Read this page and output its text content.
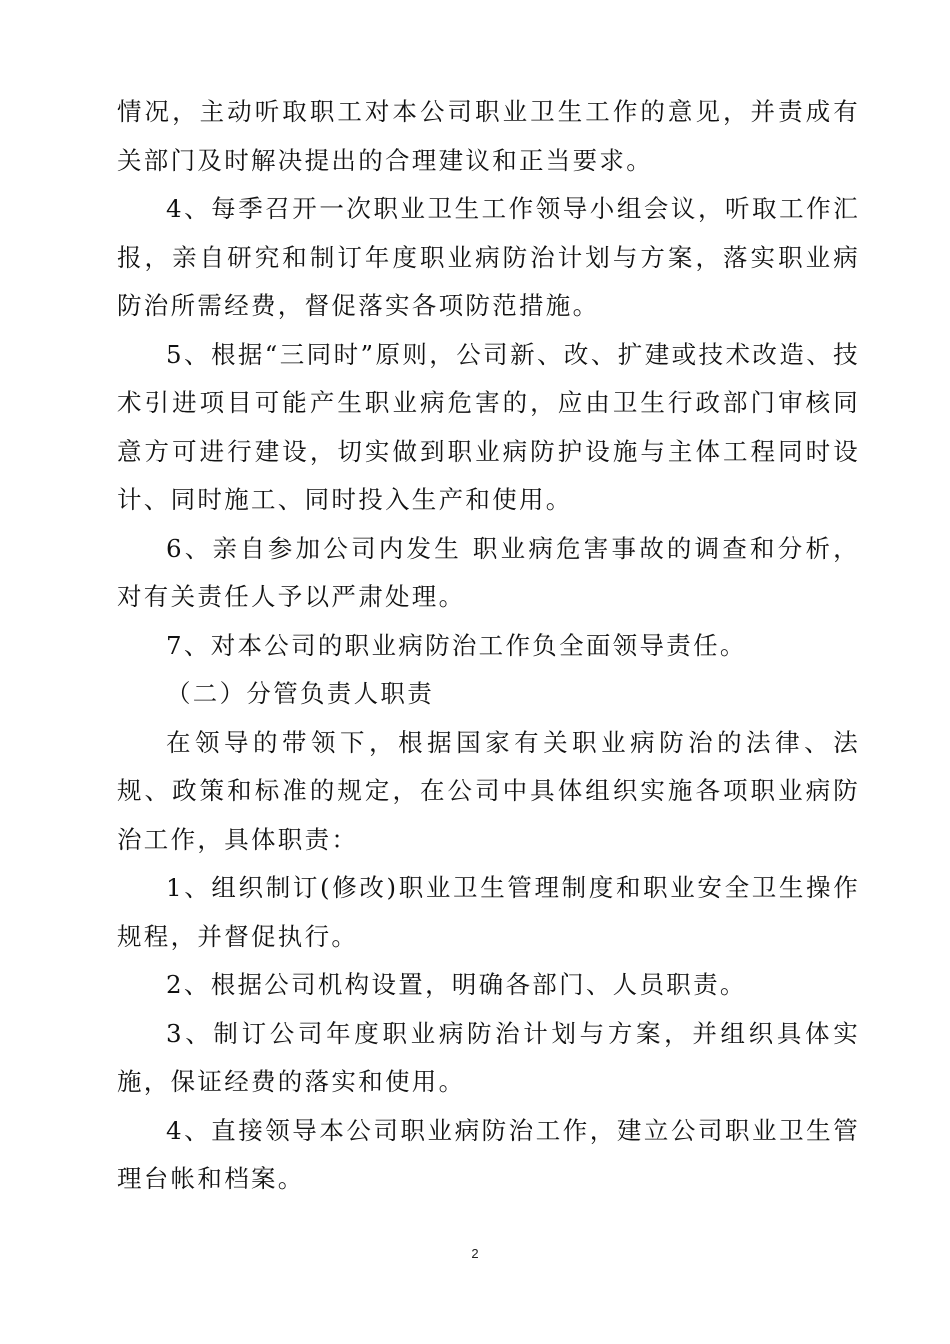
情况，主动听取职工对本公司职业卫生工作的意见，并责成有关部门及时解决提出的合理建议和正当要求。

4、每季召开一次职业卫生工作领导小组会议，听取工作汇报，亲自研究和制订年度职业病防治计划与方案，落实职业病防治所需经费，督促落实各项防范措施。

5、根据“三同时”原则，公司新、改、扩建或技术改造、技术引进项目可能产生职业病危害的，应由卫生行政部门审核同意方可进行建设，切实做到职业病防护设施与主体工程同时设计、同时施工、同时投入生产和使用。

6、亲自参加公司内发生 职业病危害事故的调查和分析，对有关责任人予以严肃处理。

7、对本公司的职业病防治工作负全面领导责任。

（二）分管负责人职责

在领导的带领下，根据国家有关职业病防治的法律、法规、政策和标准的规定，在公司中具体组织实施各项职业病防治工作，具体职责：

1、组织制订(修改)职业卫生管理制度和职业安全卫生操作规程，并督促执行。

2、根据公司机构设置，明确各部门、人员职责。

3、制订公司年度职业病防治计划与方案，并组织具体实施，保证经费的落实和使用。

4、直接领导本公司职业病防治工作，建立公司职业卫生管理台帐和档案。

2
